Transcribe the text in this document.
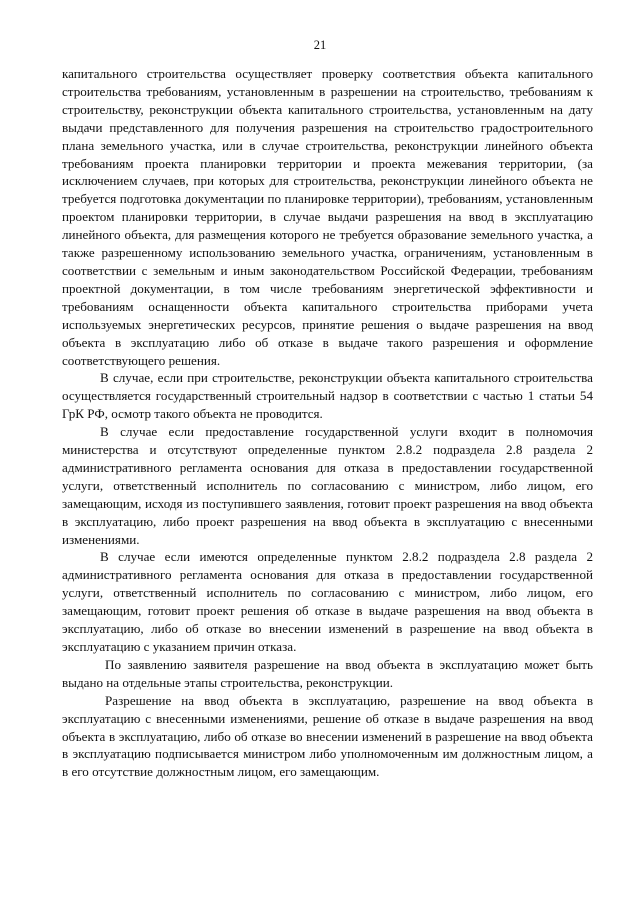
21

капитального строительства осуществляет проверку соответствия объекта капитального строительства требованиям, установленным в разрешении на строительство, требованиям к строительству, реконструкции объекта капитального строительства, установленным на дату выдачи представленного для получения разрешения на строительство градостроительного плана земельного участка, или в случае строительства, реконструкции линейного объекта требованиям проекта планировки территории и проекта межевания территории, (за исключением случаев, при которых для строительства, реконструкции линейного объекта не требуется подготовка документации по планировке территории), требованиям, установленным проектом планировки территории, в случае выдачи разрешения на ввод в эксплуатацию линейного объекта, для размещения которого не требуется образование земельного участка, а также разрешенному использованию земельного участка, ограничениям, установленным в соответствии с земельным и иным законодательством Российской Федерации, требованиям проектной документации, в том числе требованиям энергетической эффективности и требованиям оснащенности объекта капитального строительства приборами учета используемых энергетических ресурсов, принятие решения о выдаче разрешения на ввод объекта в эксплуатацию либо об отказе в выдаче такого разрешения и оформление соответствующего решения.

В случае, если при строительстве, реконструкции объекта капитального строительства осуществляется государственный строительный надзор в соответствии с частью 1 статьи 54 ГрК РФ, осмотр такого объекта не проводится.

В случае если предоставление государственной услуги входит в полномочия министерства и отсутствуют определенные пунктом 2.8.2 подраздела 2.8 раздела 2 административного регламента основания для отказа в предоставлении государственной услуги, ответственный исполнитель по согласованию с министром, либо лицом, его замещающим, исходя из поступившего заявления, готовит проект разрешения на ввод объекта в эксплуатацию, либо проект разрешения на ввод объекта в эксплуатацию с внесенными изменениями.

В случае если имеются определенные пунктом 2.8.2 подраздела 2.8 раздела 2 административного регламента основания для отказа в предоставлении государственной услуги, ответственный исполнитель по согласованию с министром, либо лицом, его замещающим, готовит проект решения об отказе в выдаче разрешения на ввод объекта в эксплуатацию, либо об отказе во внесении изменений в разрешение на ввод объекта в эксплуатацию с указанием причин отказа.

По заявлению заявителя разрешение на ввод объекта в эксплуатацию может быть выдано на отдельные этапы строительства, реконструкции.

Разрешение на ввод объекта в эксплуатацию, разрешение на ввод объекта в эксплуатацию с внесенными изменениями, решение об отказе в выдаче разрешения на ввод объекта в эксплуатацию, либо об отказе во внесении изменений в разрешение на ввод объекта в эксплуатацию подписывается министром либо уполномоченным им должностным лицом, а в его отсутствие должностным лицом, его замещающим.
